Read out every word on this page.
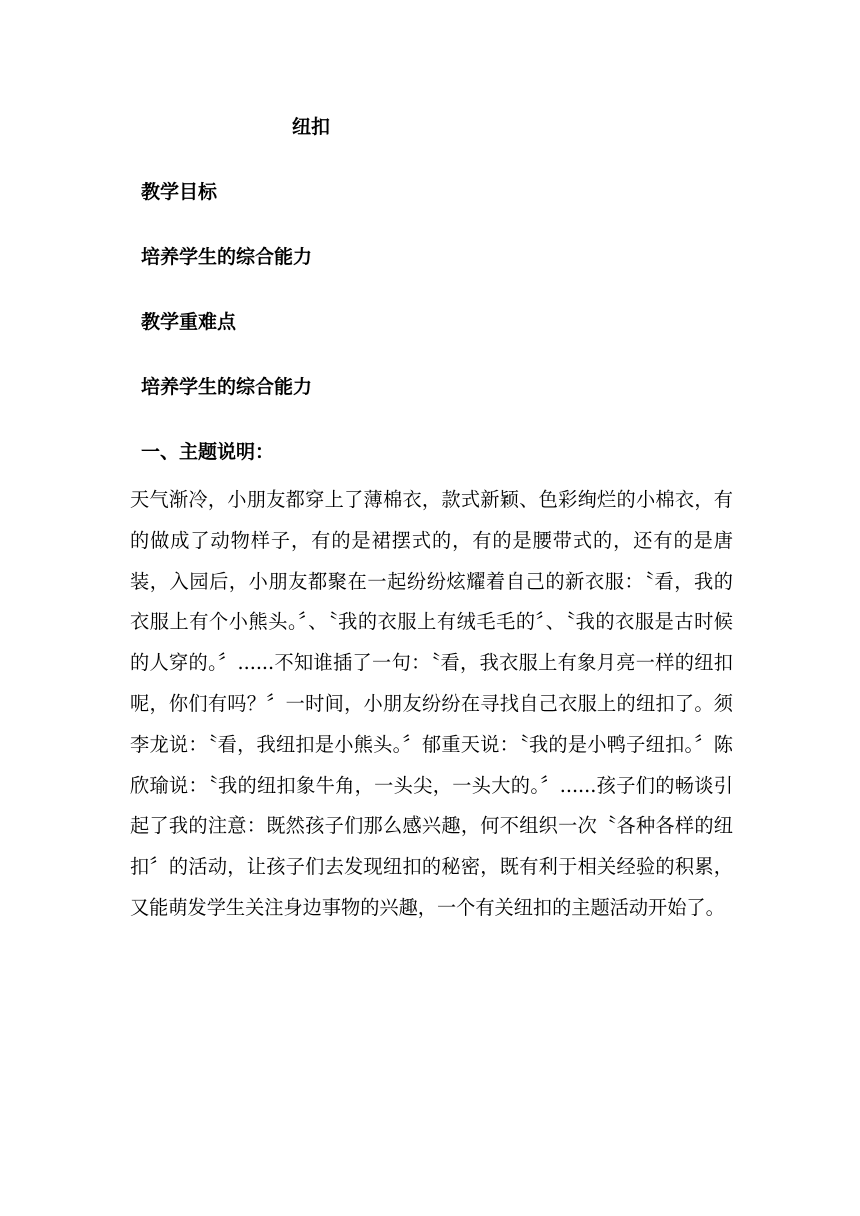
纽扣
教学目标
培养学生的综合能力
教学重难点
培养学生的综合能力
一、主题说明：

天气渐冷，小朋友都穿上了薄棉衣，款式新颖、色彩绚烂的小棉衣，有的做成了动物样子，有的是裙摆式的，有的是腰带式的，还有的是唐装，入园后，小朋友都聚在一起纷纷炫耀着自己的新衣服：〝看，我的衣服上有个小熊头。〞、〝我的衣服上有绒毛毛的〞、〝我的衣服是古时候的人穿的。〞......不知谁插了一句：〝看，我衣服上有象月亮一样的纽扣呢，你们有吗？〞一时间，小朋友纷纷在寻找自己衣服上的纽扣了。须李龙说：〝看，我纽扣是小熊头。〞郁重天说：〝我的是小鸭子纽扣。〞陈欣瑜说：〝我的纽扣象牛角，一头尖，一头大的。〞......孩子们的畅谈引起了我的注意：既然孩子们那么感兴趣，何不组织一次〝各种各样的纽扣〞的活动，让孩子们去发现纽扣的秘密，既有利于相关经验的积累，又能萌发学生关注身边事物的兴趣，一个有关纽扣的主题活动开始了。
